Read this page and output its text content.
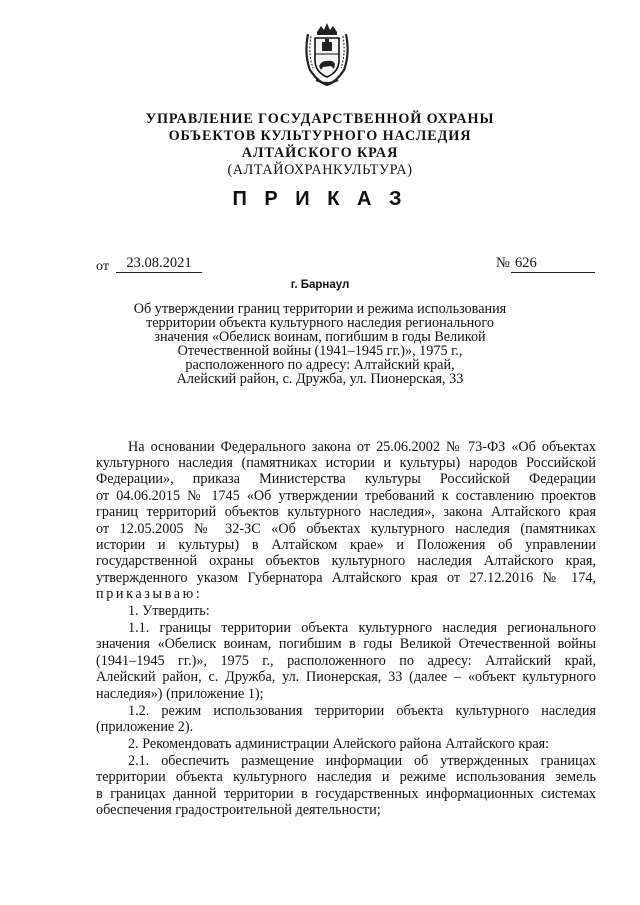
УПРАВЛЕНИЕ ГОСУДАРСТВЕННОЙ ОХРАНЫ
ОБЪЕКТОВ КУЛЬТУРНОГО НАСЛЕДИЯ
АЛТАЙСКОГО КРАЯ
(АЛТАЙОХРАНКУЛЬТУРА)
П Р И К А З
от	23.08.2021	№ 626
г. Барнаул
Об утверждении границ территории и режима использования
территории объекта культурного наследия регионального
значения «Обелиск воинам, погибшим в годы Великой
Отечественной войны (1941–1945 гг.)», 1975 г.,
расположенного по адресу: Алтайский край,
Алейский район, с. Дружба, ул. Пионерская, 33
На основании Федерального закона от 25.06.2002 № 73-ФЗ «Об объектах
культурного наследия (памятниках истории и культуры) народов Российской
Федерации», приказа Министерства культуры Российской Федерации
от 04.06.2015 № 1745 «Об утверждении требований к составлению проектов
границ территорий объектов культурного наследия», закона Алтайского края
от 12.05.2005 № 32-ЗС «Об объектах культурного наследия (памятниках
истории и культуры) в Алтайском крае» и Положения об управлении
государственной охраны объектов культурного наследия Алтайского края,
утвержденного указом Губернатора Алтайского края от 27.12.2016 № 174,
приказываю:
1. Утвердить:
1.1. границы территории объекта культурного наследия регионального
значения «Обелиск воинам, погибшим в годы Великой Отечественной войны
(1941–1945 гг.)», 1975 г., расположенного по адресу: Алтайский край,
Алейский район, с. Дружба, ул. Пионерская, 33 (далее – «объект культурного
наследия») (приложение 1);
1.2. режим использования территории объекта культурного наследия
(приложение 2).
2. Рекомендовать администрации Алейского района Алтайского края:
2.1. обеспечить размещение информации об утвержденных границах
территории объекта культурного наследия и режиме использования земель
в границах данной территории в государственных информационных системах
обеспечения градостроительной деятельности;
